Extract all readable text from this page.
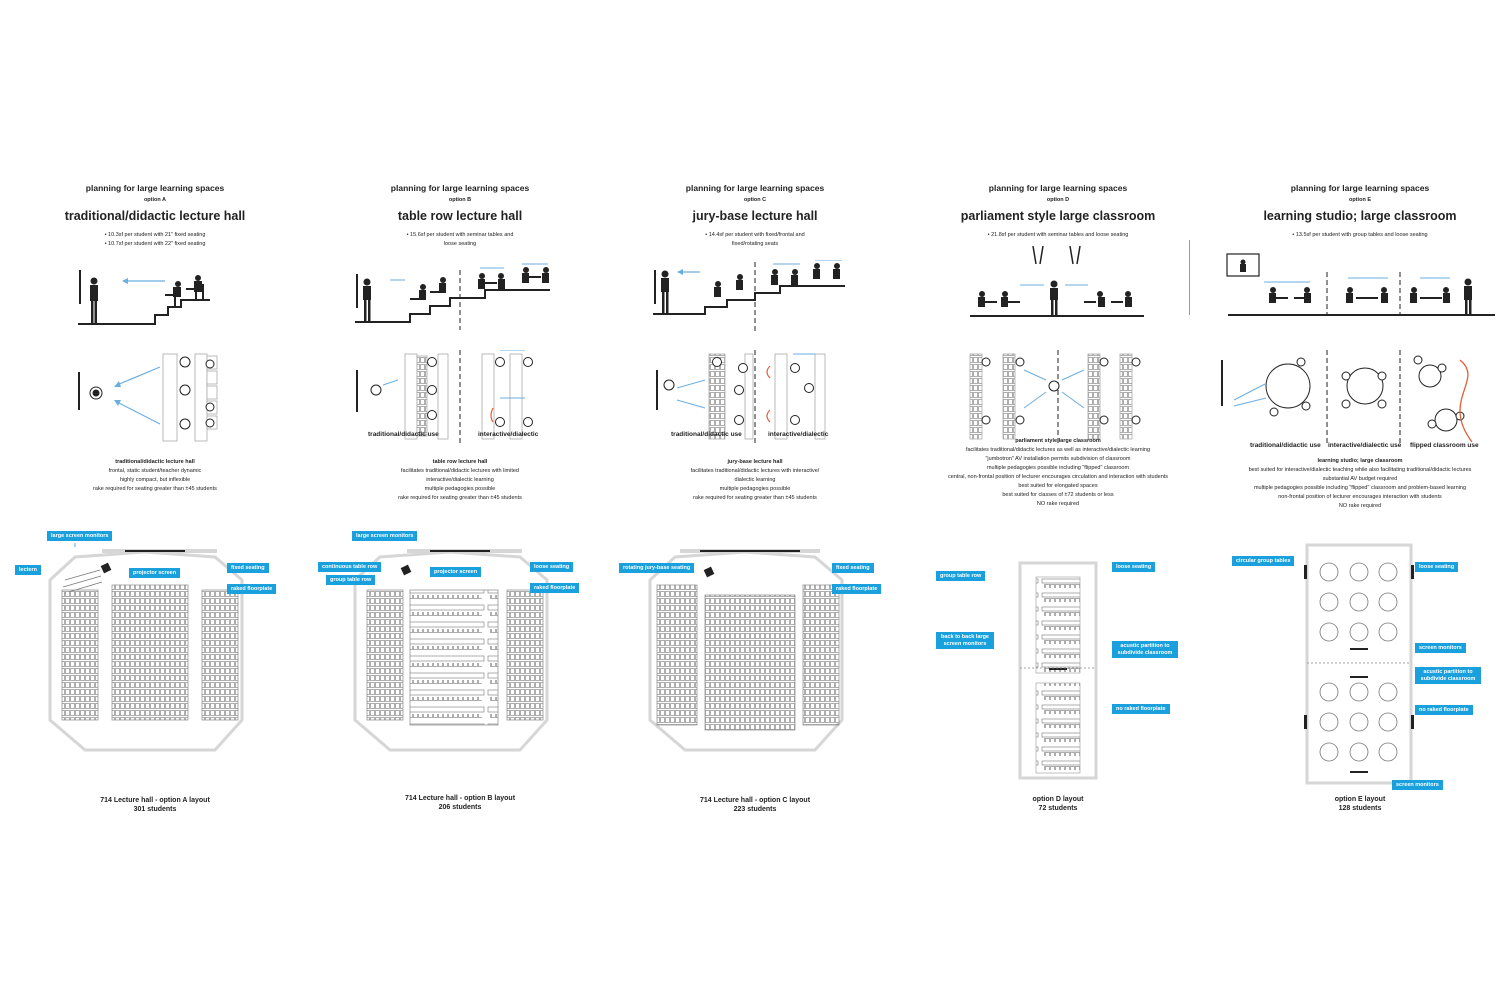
planning for large learning spaces
option A
traditional/didactic lecture hall
• 10.3sf per student with 21" fixed seating
• 10.7sf per student with 22" fixed seating
traditional/didactic lecture hall
frontal, static student/teacher dynamic
highly compact, but inflexible
rake required for seating greater than ±45 students
large screen monitors
lectern	projector screen
fixed seating
raked floorplate
714 Lecture hall - option A layout
301 students
planning for large learning spaces
option B
table row lecture hall
• 15.6sf per student with seminar tables and
loose seating
traditional/didactic use	interactive/dialectic
table row lecture hall
facilitates traditional/didactic lectures with limited
interactive/dialectic learning
multiple pedagogies possible
rake required for seating greater than ±45 students
large screen monitors
continuous table row
group table row
projector screen
loose seating
raked floorplate
714 Lecture hall - option B layout
206 students
planning for large learning spaces
option C
jury-base lecture hall
• 14.4sf per student with fixed/frontal and
fixed/rotating seats
traditional/didactic use	interactive/dialectic
jury-base lecture hall
facilitates traditional/didactic lectures with interactive/
dialectic learning
multiple pedagogies possible
rake required for seating greater than ±45 students
rotating jury-base seating	fixed seating
raked floorplate
714 Lecture hall - option C layout
223 students
planning for large learning spaces
option D
parliament style large classroom
• 21.8sf per student with seminar tables and loose seating
parliament style large classroom
facilitates traditional/didactic lectures as well as interactive/dialectic learning
"jumbotron" AV installation permits subdivision of classroom
multiple pedagogies possible including "flipped" classroom
central, non-frontal position of lecturer encourages circulation and interaction with students
best suited for elongated spaces
best suited for classes of ±72 students or less
NO rake required
group table row
loose seating
back to back large screen monitors	acustic partition to subdivide classroom
no raked floorplate
option D layout
72 students
planning for large learning spaces
option E
learning studio; large classroom
• 13.5sf per student with group tables and loose seating
traditional/didactic use interactive/dialectic use flipped classroom use
learning studio; large classroom
best suited for interactive/dialectic teaching while also facilitating traditional/didactic lectures
substantial AV budget required
multiple pedagogies possible including "flipped" classroom and problem-based learning
non-frontal position of lecturer encourages interaction with students
NO rake required
circular group tables
loose seating
screen monitors
acustic partition to subdivide classroom
no raked floorplate
screen monitors
option E layout
128 students
